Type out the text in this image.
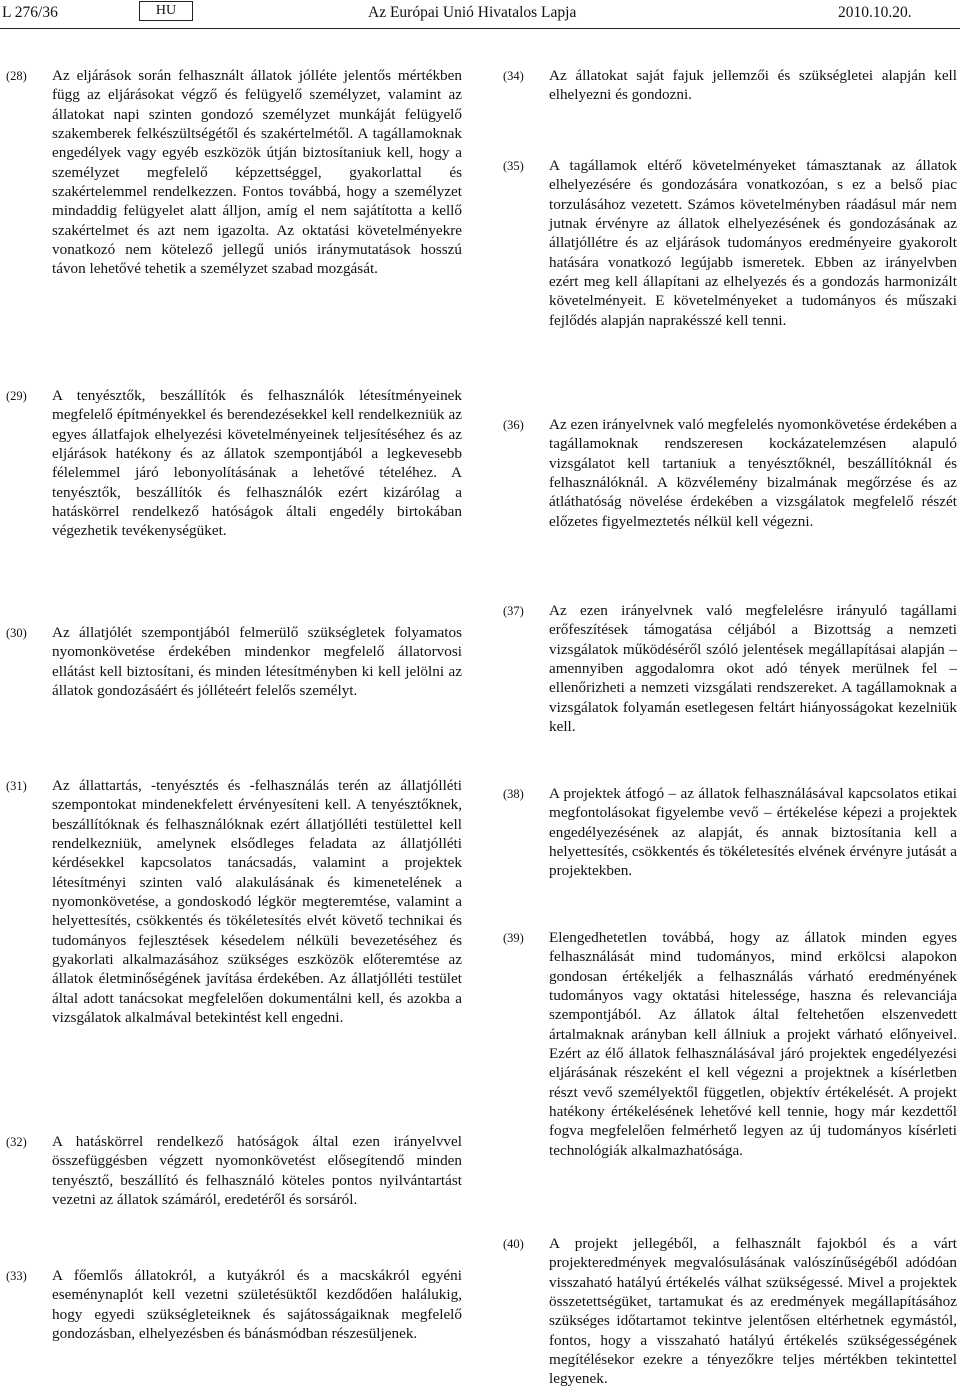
L 276/36	HU	Az Európai Unió Hivatalos Lapja	2010.10.20.
(28) Az eljárások során felhasznált állatok jólléte jelentős mértékben függ az eljárásokat végző és felügyelő személyzet, valamint az állatokat napi szinten gondozó személyzet munkáját felügyelő szakemberek felkészültségétől és szakértelmétől. A tagállamoknak engedélyek vagy egyéb eszközök útján biztosítaniuk kell, hogy a személyzet megfelelő képzettséggel, gyakorlattal és szakértelemmel rendelkezzen. Fontos továbbá, hogy a személyzet mindaddig felügyelet alatt álljon, amíg el nem sajátította a kellő szakértelmet és azt nem igazolta. Az oktatási követelményekre vonatkozó nem kötelező jellegű uniós iránymutatások hosszú távon lehetővé tehetik a személyzet szabad mozgását.
(29) A tenyésztők, beszállítók és felhasználók létesítményeinek megfelelő építményekkel és berendezésekkel kell rendelkezniük az egyes állatfajok elhelyezési követelményeinek teljesítéséhez és az eljárások hatékony és az állatok szempontjából a legkevesebb félelemmel járó lebonyolításának a lehetővé tételéhez. A tenyésztők, beszállítók és felhasználók ezért kizárólag a hatáskörrel rendelkező hatóságok általi engedély birtokában végezhetik tevékenységüket.
(30) Az állatjólét szempontjából felmerülő szükségletek folyamatos nyomonkövetése érdekében mindenkor megfelelő állatorvosi ellátást kell biztosítani, és minden létesítményben ki kell jelölni az állatok gondozásáért és jólléteért felelős személyt.
(31) Az állattartás, -tenyésztés és -felhasználás terén az állatjólléti szempontokat mindenekfelett érvényesíteni kell. A tenyésztőknek, beszállítóknak és felhasználóknak ezért állatjólléti testülettel kell rendelkezniük, amelynek elsődleges feladata az állatjólléti kérdésekkel kapcsolatos tanácsadás, valamint a projektek létesítményi szinten való alakulásának és kimenetelének a nyomonkövetése, a gondoskodó légkör megteremtése, valamint a helyettesítés, csökkentés és tökéletesítés elvét követő technikai és tudományos fejlesztések késedelem nélküli bevezetéséhez és gyakorlati alkalmazásához szükséges eszközök előteremtése az állatok életminőségének javítása érdekében. Az állatjólléti testület által adott tanácsokat megfelelően dokumentálni kell, és azokba a vizsgálatok alkalmával betekintést kell engedni.
(32) A hatáskörrel rendelkező hatóságok által ezen irányelvvel összefüggésben végzett nyomonkövetést elősegítendő minden tenyésztő, beszállító és felhasználó köteles pontos nyilvántartást vezetni az állatok számáról, eredetéről és sorsáról.
(33) A főemlős állatokról, a kutyákról és a macskákról egyéni eseménynaplót kell vezetni születésüktől kezdődően halálukig, hogy egyedi szükségleteiknek és sajátosságaiknak megfelelő gondozásban, elhelyezésben és bánásmódban részesüljenek.
(34) Az állatokat saját fajuk jellemzői és szükségletei alapján kell elhelyezni és gondozni.
(35) A tagállamok eltérő követelményeket támasztanak az állatok elhelyezésére és gondozására vonatkozóan, s ez a belső piac torzulásához vezetett. Számos követelményben ráadásul már nem jutnak érvényre az állatok elhelyezésének és gondozásának az állatjóllétre és az eljárások tudományos eredményeire gyakorolt hatására vonatkozó legújabb ismeretek. Ebben az irányelvben ezért meg kell állapítani az elhelyezés és a gondozás harmonizált követelményeit. E követelményeket a tudományos és műszaki fejlődés alapján naprakésszé kell tenni.
(36) Az ezen irányelvnek való megfelelés nyomonkövetése érdekében a tagállamoknak rendszeresen kockázatelemzésen alapuló vizsgálatot kell tartaniuk a tenyésztőknél, beszállítóknál és felhasználóknál. A közvélemény bizalmának megőrzése és az átláthatóság növelése érdekében a vizsgálatok megfelelő részét előzetes figyelmeztetés nélkül kell végezni.
(37) Az ezen irányelvnek való megfelelésre irányuló tagállami erőfeszítések támogatása céljából a Bizottság a nemzeti vizsgálatok működéséről szóló jelentések megállapításai alapján – amennyiben aggodalomra okot adó tények merülnek fel – ellenőrizheti a nemzeti vizsgálati rendszereket. A tagállamoknak a vizsgálatok folyamán esetlegesen feltárt hiányosságokat kezelniük kell.
(38) A projektek átfogó – az állatok felhasználásával kapcsolatos etikai megfontolásokat figyelembe vevő – értékelése képezi a projektek engedélyezésének az alapját, és annak biztosítania kell a helyettesítés, csökkentés és tökéletesítés elvének érvényre jutását a projektekben.
(39) Elengedhetetlen továbbá, hogy az állatok minden egyes felhasználását mind tudományos, mind erkölcsi alapokon gondosan értékeljék a felhasználás várható eredményének tudományos vagy oktatási hitelessége, haszna és relevanciája szempontjából. Az állatok által feltehetően elszenvedett ártalmaknak arányban kell állniuk a projekt várható előnyeivel. Ezért az élő állatok felhasználásával járó projektek engedélyezési eljárásának részeként el kell végezni a projektnek a kísérletben részt vevő személyektől független, objektív értékelését. A projekt hatékony értékelésének lehetővé kell tennie, hogy már kezdettől fogva megfelelően felmérhető legyen az új tudományos kísérleti technológiák alkalmazhatósága.
(40) A projekt jellegéből, a felhasznált fajokból és a várt projekteredmények megvalósulásának valószínűségéből adódóan visszaható hatályú értékelés válhat szükségessé. Mivel a projektek összetettségüket, tartamukat és az eredmények megállapításához szükséges időtartamot tekintve jelentősen eltérhetnek egymástól, fontos, hogy a visszaható hatályú értékelés szükségességének megítélésekor ezekre a tényezőkre teljes mértékben tekintettel legyenek.
